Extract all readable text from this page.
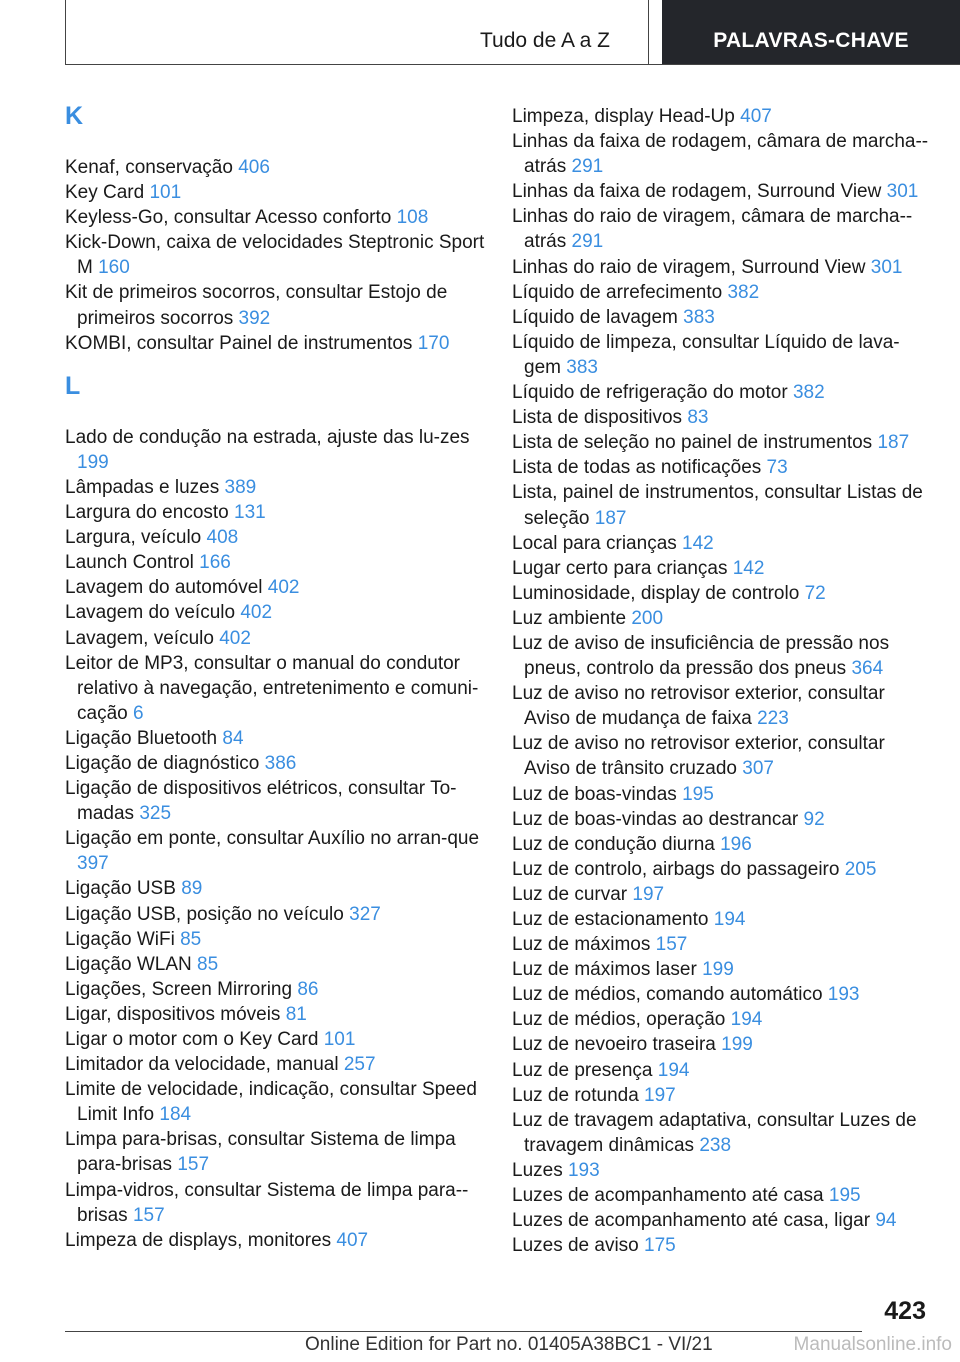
Tudo de A a Z	PALAVRAS-CHAVE
K
Kenaf, conservação 406
Key Card 101
Keyless-Go, consultar Acesso conforto 108
Kick-Down, caixa de velocidades Steptronic Sport M 160
Kit de primeiros socorros, consultar Estojo de primeiros socorros 392
KOMBI, consultar Painel de instrumentos 170
L
Lado de condução na estrada, ajuste das lu-zes 199
Lâmpadas e luzes 389
Largura do encosto 131
Largura, veículo 408
Launch Control 166
Lavagem do automóvel 402
Lavagem do veículo 402
Lavagem, veículo 402
Leitor de MP3, consultar o manual do condutor relativo à navegação, entretenimento e comuni-cação 6
Ligação Bluetooth 84
Ligação de diagnóstico 386
Ligação de dispositivos elétricos, consultar To-madas 325
Ligação em ponte, consultar Auxílio no arran-que 397
Ligação USB 89
Ligação USB, posição no veículo 327
Ligação WiFi 85
Ligação WLAN 85
Ligações, Screen Mirroring 86
Ligar, dispositivos móveis 81
Ligar o motor com o Key Card 101
Limitador da velocidade, manual 257
Limite de velocidade, indicação, consultar Speed Limit Info 184
Limpa para-brisas, consultar Sistema de limpa para-brisas 157
Limpa-vidros, consultar Sistema de limpa para--brisas 157
Limpeza de displays, monitores 407
Limpeza, display Head-Up 407
Linhas da faixa de rodagem, câmara de marcha--atrás 291
Linhas da faixa de rodagem, Surround View 301
Linhas do raio de viragem, câmara de marcha--atrás 291
Linhas do raio de viragem, Surround View 301
Líquido de arrefecimento 382
Líquido de lavagem 383
Líquido de limpeza, consultar Líquido de lava-gem 383
Líquido de refrigeração do motor 382
Lista de dispositivos 83
Lista de seleção no painel de instrumentos 187
Lista de todas as notificações 73
Lista, painel de instrumentos, consultar Listas de seleção 187
Local para crianças 142
Lugar certo para crianças 142
Luminosidade, display de controlo 72
Luz ambiente 200
Luz de aviso de insuficiência de pressão nos pneus, controlo da pressão dos pneus 364
Luz de aviso no retrovisor exterior, consultar Aviso de mudança de faixa 223
Luz de aviso no retrovisor exterior, consultar Aviso de trânsito cruzado 307
Luz de boas-vindas 195
Luz de boas-vindas ao destrancar 92
Luz de condução diurna 196
Luz de controlo, airbags do passageiro 205
Luz de curvar 197
Luz de estacionamento 194
Luz de máximos 157
Luz de máximos laser 199
Luz de médios, comando automático 193
Luz de médios, operação 194
Luz de nevoeiro traseira 199
Luz de presença 194
Luz de rotunda 197
Luz de travagem adaptativa, consultar Luzes de travagem dinâmicas 238
Luzes 193
Luzes de acompanhamento até casa 195
Luzes de acompanhamento até casa, ligar 94
Luzes de aviso 175
423
Online Edition for Part no. 01405A38BC1 - VI/21	Manualsonline.info
